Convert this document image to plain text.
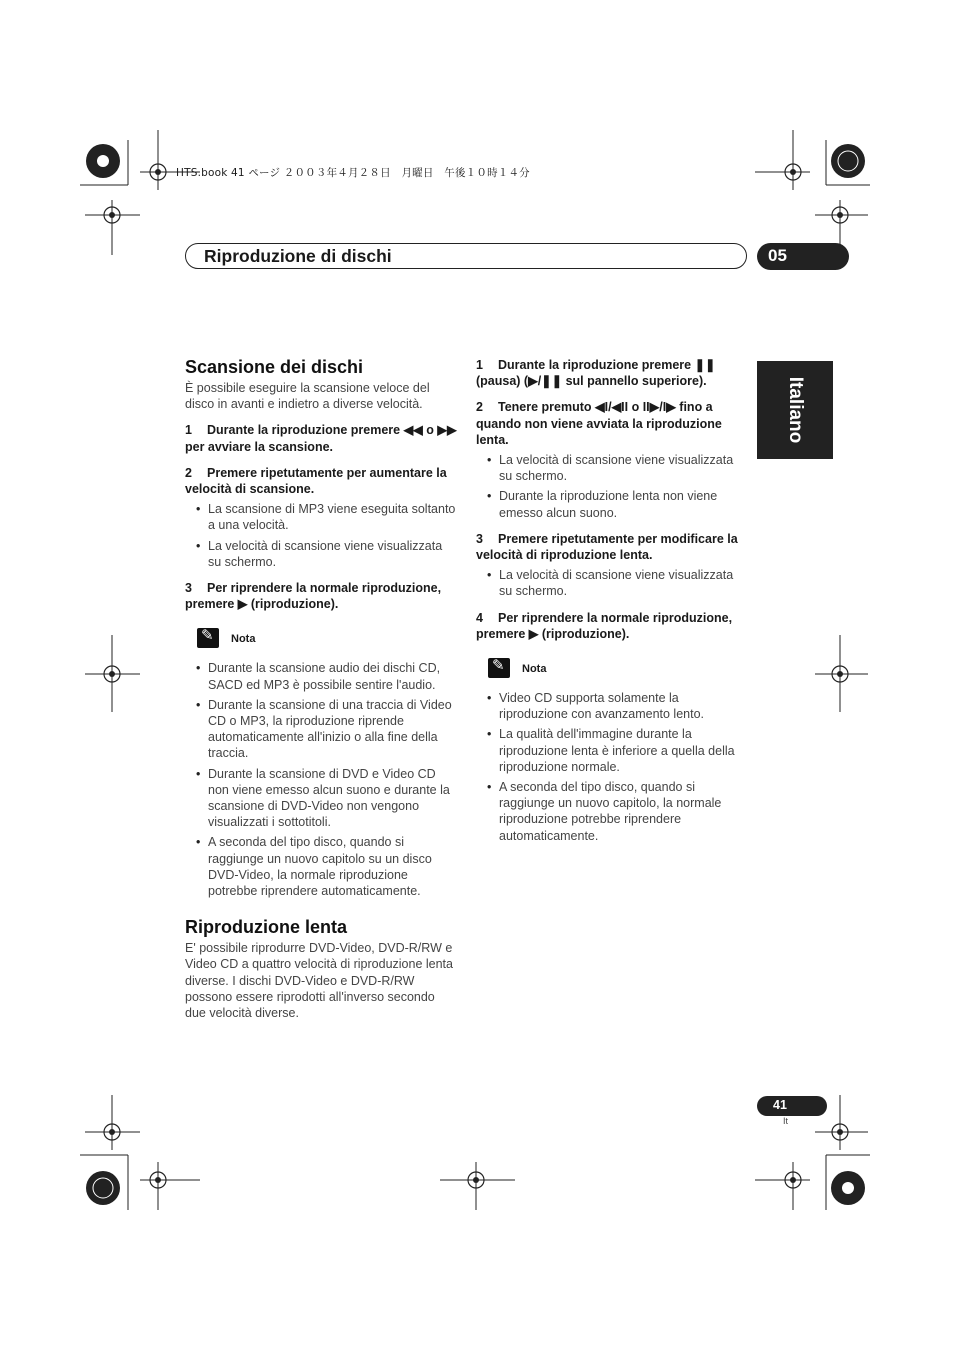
HTS.book 41 ページ ２００３年４月２８日　月曜日　午後１０時１４分
Riproduzione di dischi	05
Italiano
Scansione dei dischi

È possibile eseguire la scansione veloce del disco in avanti e indietro a diverse velocità.

1 Durante la riproduzione premere ◀◀ o ▶▶ per avviare la scansione.

2 Premere ripetutamente per aumentare la velocità di scansione.

• La scansione di MP3 viene eseguita soltanto a una velocità.
• La velocità di scansione viene visualizzata su schermo.

3 Per riprendere la normale riproduzione, premere ▶ (riproduzione).

✎
Nota
• Durante la scansione audio dei dischi CD, SACD ed MP3 è possibile sentire l'audio.
• Durante la scansione di una traccia di Video CD o MP3, la riproduzione riprende automaticamente all'inizio o alla fine della traccia.
• Durante la scansione di DVD e Video CD non viene emesso alcun suono e durante la scansione di DVD-Video non vengono visualizzati i sottotitoli.
• A seconda del tipo disco, quando si raggiunge un nuovo capitolo su un disco DVD-Video, la normale riproduzione potrebbe riprendere automaticamente.
Riproduzione lenta

E' possibile riprodurre DVD-Video, DVD-R/RW e Video CD a quattro velocità di riproduzione lenta diverse. I dischi DVD-Video e DVD-R/RW possono essere riprodotti all'inverso secondo due velocità diverse.

1 Durante la riproduzione premere ❚❚ (pausa) (▶/❚❚ sul pannello superiore).

2 Tenere premuto ◀I/◀II o II▶/I▶ fino a quando non viene avviata la riproduzione lenta.

• La velocità di scansione viene visualizzata su schermo.
• Durante la riproduzione lenta non viene emesso alcun suono.

3 Premere ripetutamente per modificare la velocità di riproduzione lenta.

• La velocità di scansione viene visualizzata su schermo.

4 Per riprendere la normale riproduzione, premere ▶ (riproduzione).

✎
Nota
• Video CD supporta solamente la riproduzione con avanzamento lento.
• La qualità dell'immagine durante la riproduzione lenta è inferiore a quella della riproduzione normale.
• A seconda del tipo disco, quando si raggiunge un nuovo capitolo, la normale riproduzione potrebbe riprendere automaticamente.
41
It
